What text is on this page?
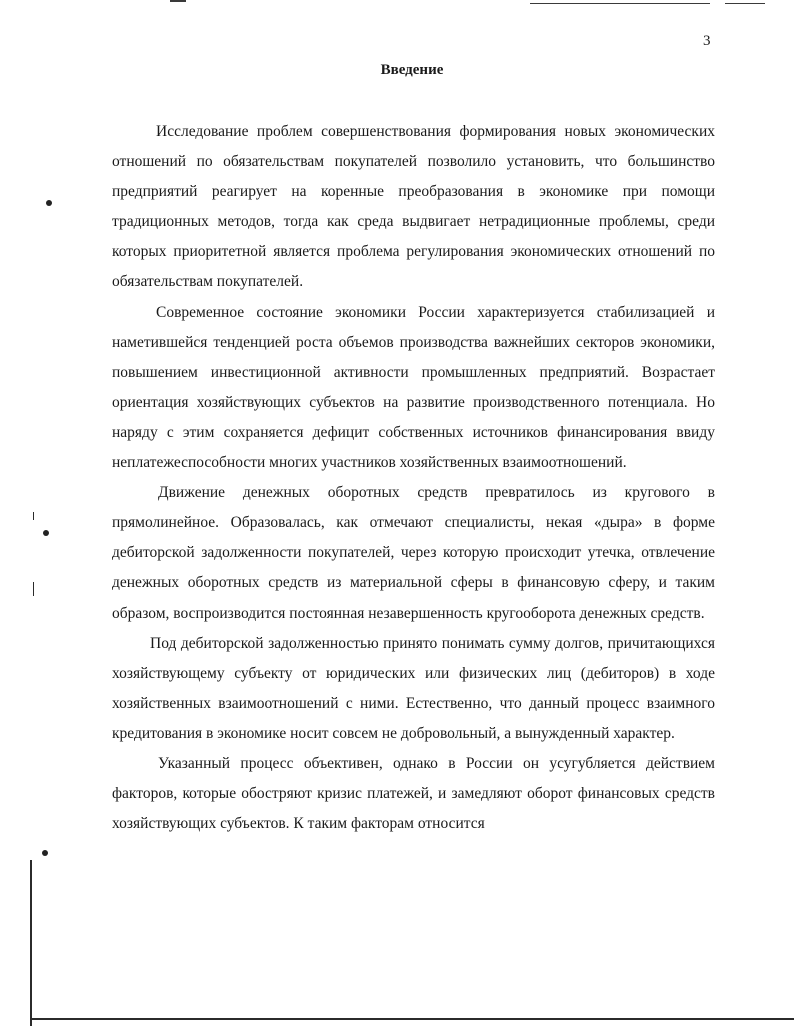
3
Введение

Исследование проблем совершенствования формирования новых экономических отношений по обязательствам покупателей позволило установить, что большинство предприятий реагирует на коренные преобразования в экономике при помощи традиционных методов, тогда как среда выдвигает нетрадиционные проблемы, среди которых приоритетной является проблема регулирования экономических отношений по обязательствам покупателей.

Современное состояние экономики России характеризуется стабилизацией и наметившейся тенденцией роста объемов производства важнейших секторов экономики, повышением инвестиционной активности промышленных предприятий. Возрастает ориентация хозяйствующих субъектов на развитие производственного потенциала. Но наряду с этим сохраняется дефицит собственных источников финансирования ввиду неплатежеспособности многих участников хозяйственных взаимоотношений.

Движение денежных оборотных средств превратилось из кругового в прямолинейное. Образовалась, как отмечают специалисты, некая «дыра» в форме дебиторской задолженности покупателей, через которую происходит утечка, отвлечение денежных оборотных средств из материальной сферы в финансовую сферу, и таким образом, воспроизводится постоянная незавершенность кругооборота денежных средств.

Под дебиторской задолженностью принято понимать сумму долгов, причитающихся хозяйствующему субъекту от юридических или физических лиц (дебиторов) в ходе хозяйственных взаимоотношений с ними. Естественно, что данный процесс взаимного кредитования в экономике носит совсем не добровольный, а вынужденный характер.

Указанный процесс объективен, однако в России он усугубляется действием факторов, которые обостряют кризис платежей, и замедляют оборот финансовых средств хозяйствующих субъектов. К таким факторам относится
